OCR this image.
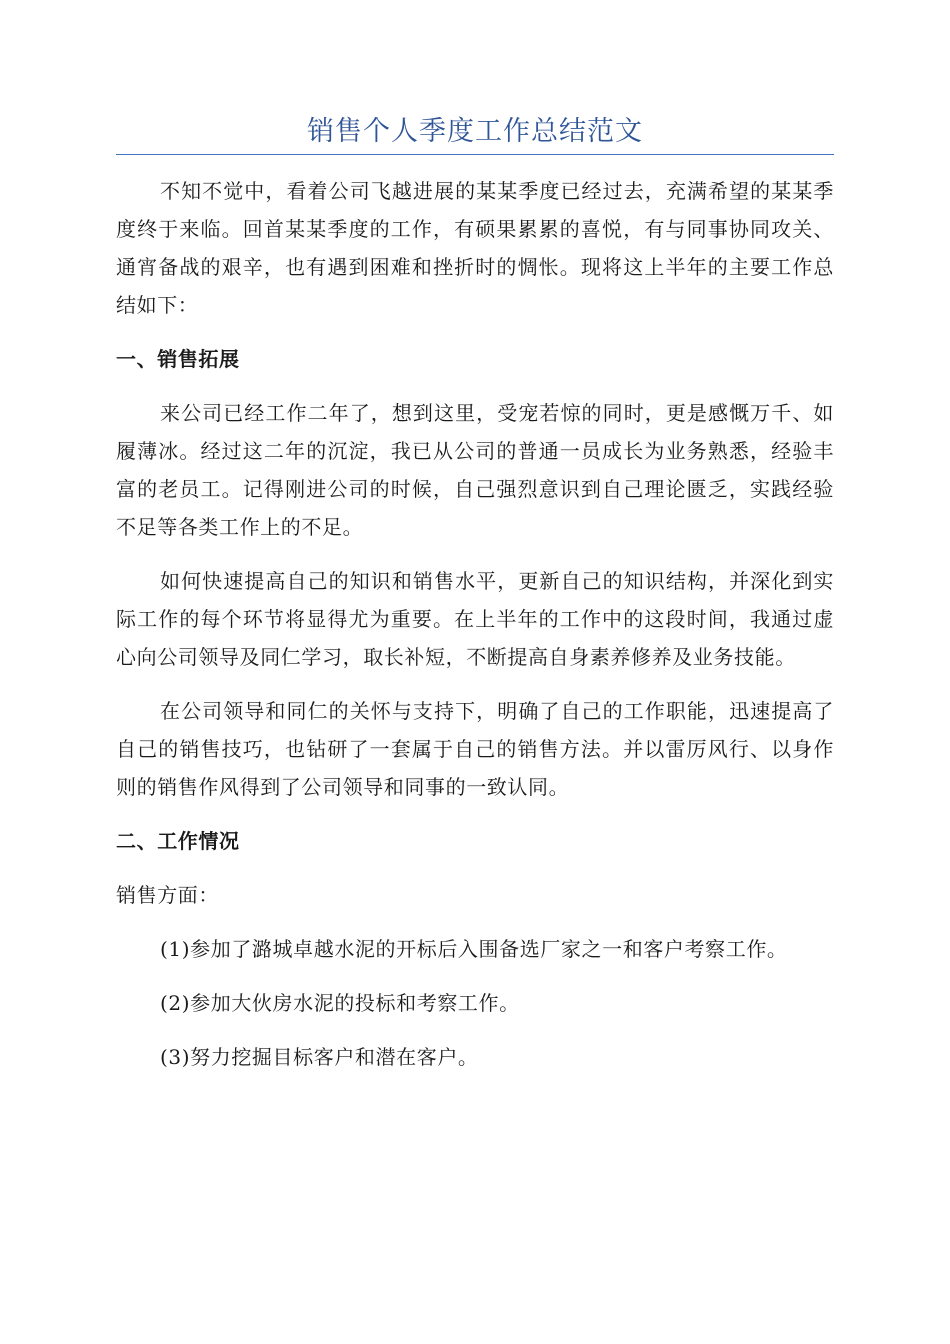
销售个人季度工作总结范文

不知不觉中，看着公司飞越进展的某某季度已经过去，充满希望的某某季度终于来临。回首某某季度的工作，有硕果累累的喜悦，有与同事协同攻关、通宵备战的艰辛，也有遇到困难和挫折时的惆怅。现将这上半年的主要工作总结如下：

一、销售拓展

来公司已经工作二年了，想到这里，受宠若惊的同时，更是感慨万千、如履薄冰。经过这二年的沉淀，我已从公司的普通一员成长为业务熟悉，经验丰富的老员工。记得刚进公司的时候，自己强烈意识到自己理论匮乏，实践经验不足等各类工作上的不足。

如何快速提高自己的知识和销售水平，更新自己的知识结构，并深化到实际工作的每个环节将显得尤为重要。在上半年的工作中的这段时间，我通过虚心向公司领导及同仁学习，取长补短，不断提高自身素养修养及业务技能。

在公司领导和同仁的关怀与支持下，明确了自己的工作职能，迅速提高了自己的销售技巧，也钻研了一套属于自己的销售方法。并以雷厉风行、以身作则的销售作风得到了公司领导和同事的一致认同。

二、工作情况

销售方面：

(1)参加了潞城卓越水泥的开标后入围备选厂家之一和客户考察工作。

(2)参加大伙房水泥的投标和考察工作。

(3)努力挖掘目标客户和潜在客户。
